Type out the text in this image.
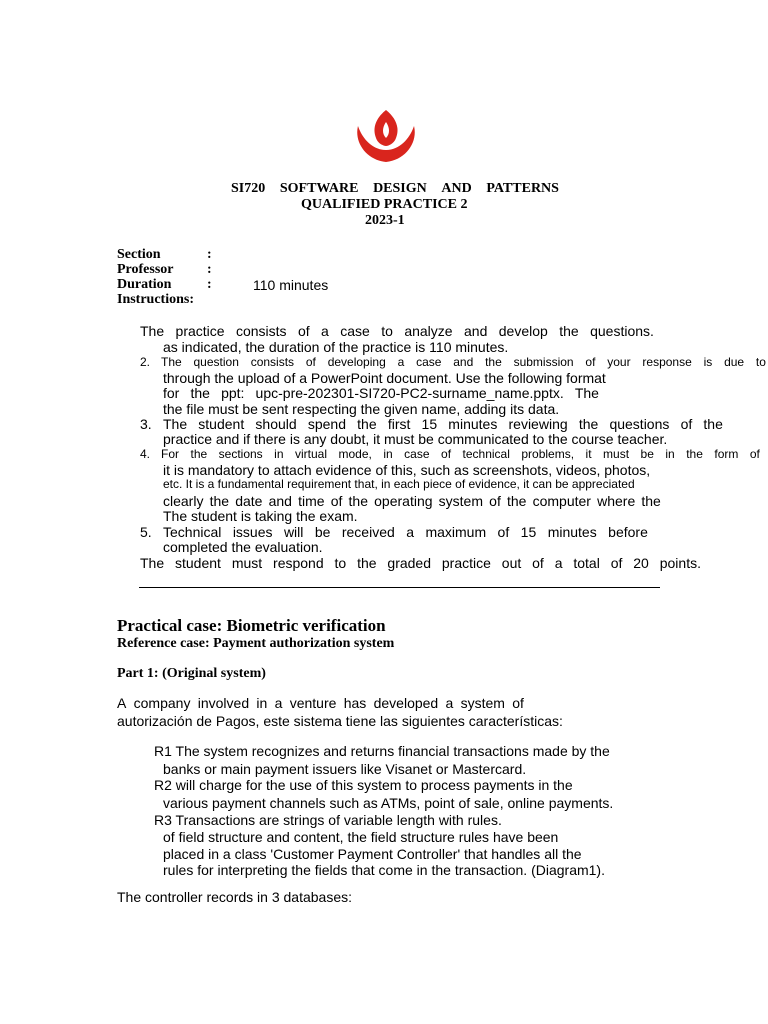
SI720 SOFTWARE DESIGN AND PATTERNS
QUALIFIED PRACTICE 2
2023-1
Section	:
Professor :
Duration	:	110 minutes
Instructions:
The practice consists of a case to analyze and develop the questions.
as indicated, the duration of the practice is 110 minutes.
2. The question consists of developing a case and the submission of your response is due to
through the upload of a PowerPoint document. Use the following format
for the ppt: upc-pre-202301-SI720-PC2-surname_name.pptx. The
the file must be sent respecting the given name, adding its data.
3. The student should spend the first 15 minutes reviewing the questions of the
practice and if there is any doubt, it must be communicated to the course teacher.
4. For the sections in virtual mode, in case of technical problems, it must be in the form of
it is mandatory to attach evidence of this, such as screenshots, videos, photos,
etc. It is a fundamental requirement that, in each piece of evidence, it can be appreciated
clearly the date and time of the operating system of the computer where the
The student is taking the exam.
5. Technical issues will be received a maximum of 15 minutes before
completed the evaluation.
The student must respond to the graded practice out of a total of 20 points.
Practical case: Biometric verification
Reference case: Payment authorization system
Part 1: (Original system)
A company involved in a venture has developed a system of
autorización de Pagos, este sistema tiene las siguientes características:
R1 The system recognizes and returns financial transactions made by the
banks or main payment issuers like Visanet or Mastercard.
R2 will charge for the use of this system to process payments in the
various payment channels such as ATMs, point of sale, online payments.
R3 Transactions are strings of variable length with rules.
of field structure and content, the field structure rules have been
placed in a class 'Customer Payment Controller' that handles all the
rules for interpreting the fields that come in the transaction. (Diagram1).
The controller records in 3 databases:
